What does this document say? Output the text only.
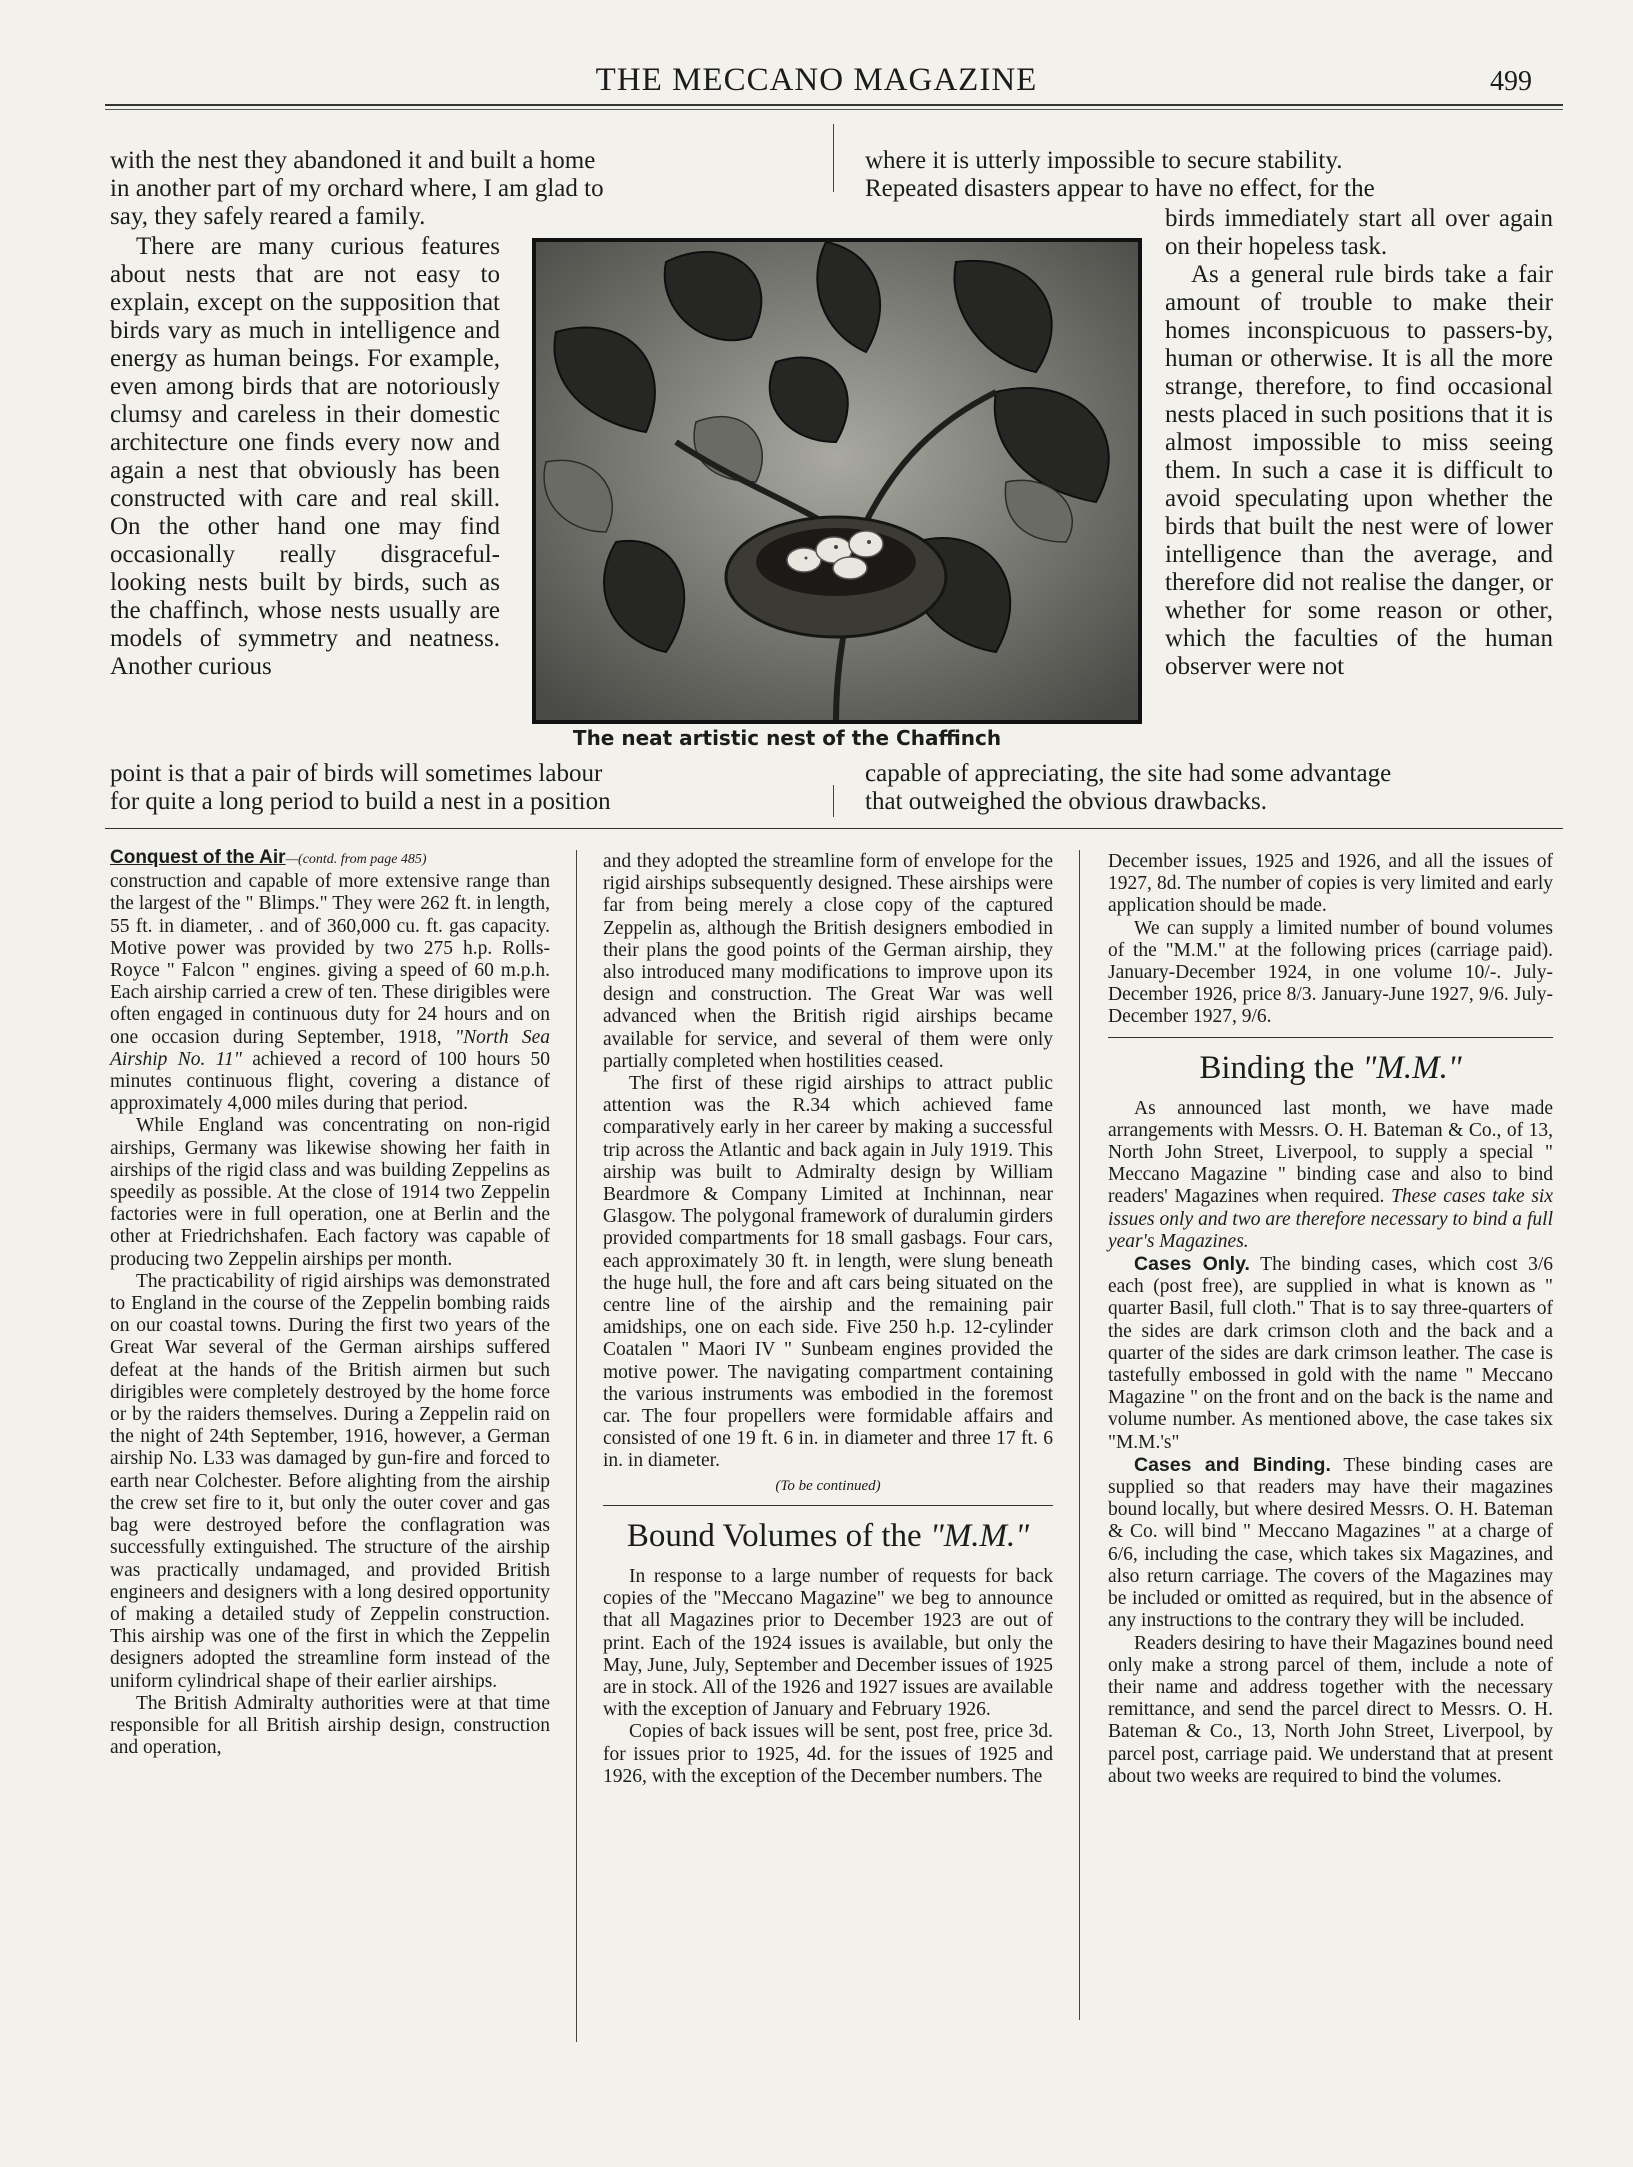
THE MECCANO MAGAZINE	499

with the nest they abandoned it and built a home

in another part of my orchard where, I am glad to

say, they safely reared a family.

where it is utterly impossible to secure stability.

Repeated disasters appear to have no effect, for the

There are many curious features about nests that are not easy to explain, except on the supposition that birds vary as much in intelligence and energy as human beings. For example, even among birds that are notoriously clumsy and careless in their domestic architecture one finds every now and again a nest that obviously has been constructed with care and real skill. On the other hand one may find occasionally really disgraceful-looking nests built by birds, such as the chaffinch, whose nests usually are models of symmetry and neatness. Another curious

birds immediately start all over again on their hopeless task.

As a general rule birds take a fair amount of trouble to make their homes inconspicuous to passers-by, human or otherwise. It is all the more strange, therefore, to find occasional nests placed in such positions that it is almost impossible to miss seeing them. In such a case it is difficult to avoid speculating upon whether the birds that built the nest were of lower intelligence than the average, and therefore did not realise the danger, or whether for some reason or other, which the faculties of the human observer were not

The neat artistic nest of the Chaffinch

point is that a pair of birds will sometimes labour

for quite a long period to build a nest in a position

capable of appreciating, the site had some advantage

that outweighed the obvious drawbacks.

Conquest of the Air—(contd. from page 485)

construction and capable of more extensive range than the largest of the " Blimps." They were 262 ft. in length, 55 ft. in diameter, . and of 360,000 cu. ft. gas capacity. Motive power was provided by two 275 h.p. Rolls-Royce " Falcon " engines. giving a speed of 60 m.p.h. Each airship carried a crew of ten. These dirigibles were often engaged in continuous duty for 24 hours and on one occasion during September, 1918, "North Sea Airship No. 11" achieved a record of 100 hours 50 minutes continuous flight, covering a distance of approximately 4,000 miles during that period.

While England was concentrating on non-rigid airships, Germany was likewise showing her faith in airships of the rigid class and was building Zeppelins as speedily as possible. At the close of 1914 two Zeppelin factories were in full operation, one at Berlin and the other at Friedrichshafen. Each factory was capable of producing two Zeppelin airships per month.

The practicability of rigid airships was demonstrated to England in the course of the Zeppelin bombing raids on our coastal towns. During the first two years of the Great War several of the German airships suffered defeat at the hands of the British airmen but such dirigibles were completely destroyed by the home force or by the raiders themselves. During a Zeppelin raid on the night of 24th September, 1916, however, a German airship No. L33 was damaged by gun-fire and forced to earth near Colchester. Before alighting from the airship the crew set fire to it, but only the outer cover and gas bag were destroyed before the conflagration was successfully extinguished. The structure of the airship was practically undamaged, and provided British engineers and designers with a long desired opportunity of making a detailed study of Zeppelin construction. This airship was one of the first in which the Zeppelin designers adopted the streamline form instead of the uniform cylindrical shape of their earlier airships.

The British Admiralty authorities were at that time responsible for all British airship design, construction and operation,

and they adopted the streamline form of envelope for the rigid airships subsequently designed. These airships were far from being merely a close copy of the captured Zeppelin as, although the British designers embodied in their plans the good points of the German airship, they also introduced many modifications to improve upon its design and construction. The Great War was well advanced when the British rigid airships became available for service, and several of them were only partially completed when hostilities ceased.

The first of these rigid airships to attract public attention was the R.34 which achieved fame comparatively early in her career by making a successful trip across the Atlantic and back again in July 1919. This airship was built to Admiralty design by William Beardmore & Company Limited at Inchinnan, near Glasgow. The polygonal framework of duralumin girders provided compartments for 18 small gasbags. Four cars, each approximately 30 ft. in length, were slung beneath the huge hull, the fore and aft cars being situated on the centre line of the airship and the remaining pair amidships, one on each side. Five 250 h.p. 12-cylinder Coatalen " Maori IV " Sunbeam engines provided the motive power. The navigating compartment containing the various instruments was embodied in the foremost car. The four propellers were formidable affairs and consisted of one 19 ft. 6 in. in diameter and three 17 ft. 6 in. in diameter.

(To be continued)
Bound Volumes of the "M.M."

In response to a large number of requests for back copies of the "Meccano Magazine" we beg to announce that all Magazines prior to December 1923 are out of print. Each of the 1924 issues is available, but only the May, June, July, September and December issues of 1925 are in stock. All of the 1926 and 1927 issues are available with the exception of January and February 1926.

Copies of back issues will be sent, post free, price 3d. for issues prior to 1925, 4d. for the issues of 1925 and 1926, with the exception of the December numbers. The

December issues, 1925 and 1926, and all the issues of 1927, 8d. The number of copies is very limited and early application should be made.

We can supply a limited number of bound volumes of the "M.M." at the following prices (carriage paid). January-December 1924, in one volume 10/-. July-December 1926, price 8/3. January-June 1927, 9/6. July-December 1927, 9/6.

Binding the "M.M."

As announced last month, we have made arrangements with Messrs. O. H. Bateman & Co., of 13, North John Street, Liverpool, to supply a special " Meccano Magazine " binding case and also to bind readers' Magazines when required. These cases take six issues only and two are therefore necessary to bind a full year's Magazines.

Cases Only. The binding cases, which cost 3/6 each (post free), are supplied in what is known as " quarter Basil, full cloth." That is to say three-quarters of the sides are dark crimson cloth and the back and a quarter of the sides are dark crimson leather. The case is tastefully embossed in gold with the name " Meccano Magazine " on the front and on the back is the name and volume number. As mentioned above, the case takes six "M.M.'s"

Cases and Binding. These binding cases are supplied so that readers may have their magazines bound locally, but where desired Messrs. O. H. Bateman & Co. will bind " Meccano Magazines " at a charge of 6/6, including the case, which takes six Magazines, and also return carriage. The covers of the Magazines may be included or omitted as required, but in the absence of any instructions to the contrary they will be included.

Readers desiring to have their Magazines bound need only make a strong parcel of them, include a note of their name and address together with the necessary remittance, and send the parcel direct to Messrs. O. H. Bateman & Co., 13, North John Street, Liverpool, by parcel post, carriage paid. We understand that at present about two weeks are required to bind the volumes.
